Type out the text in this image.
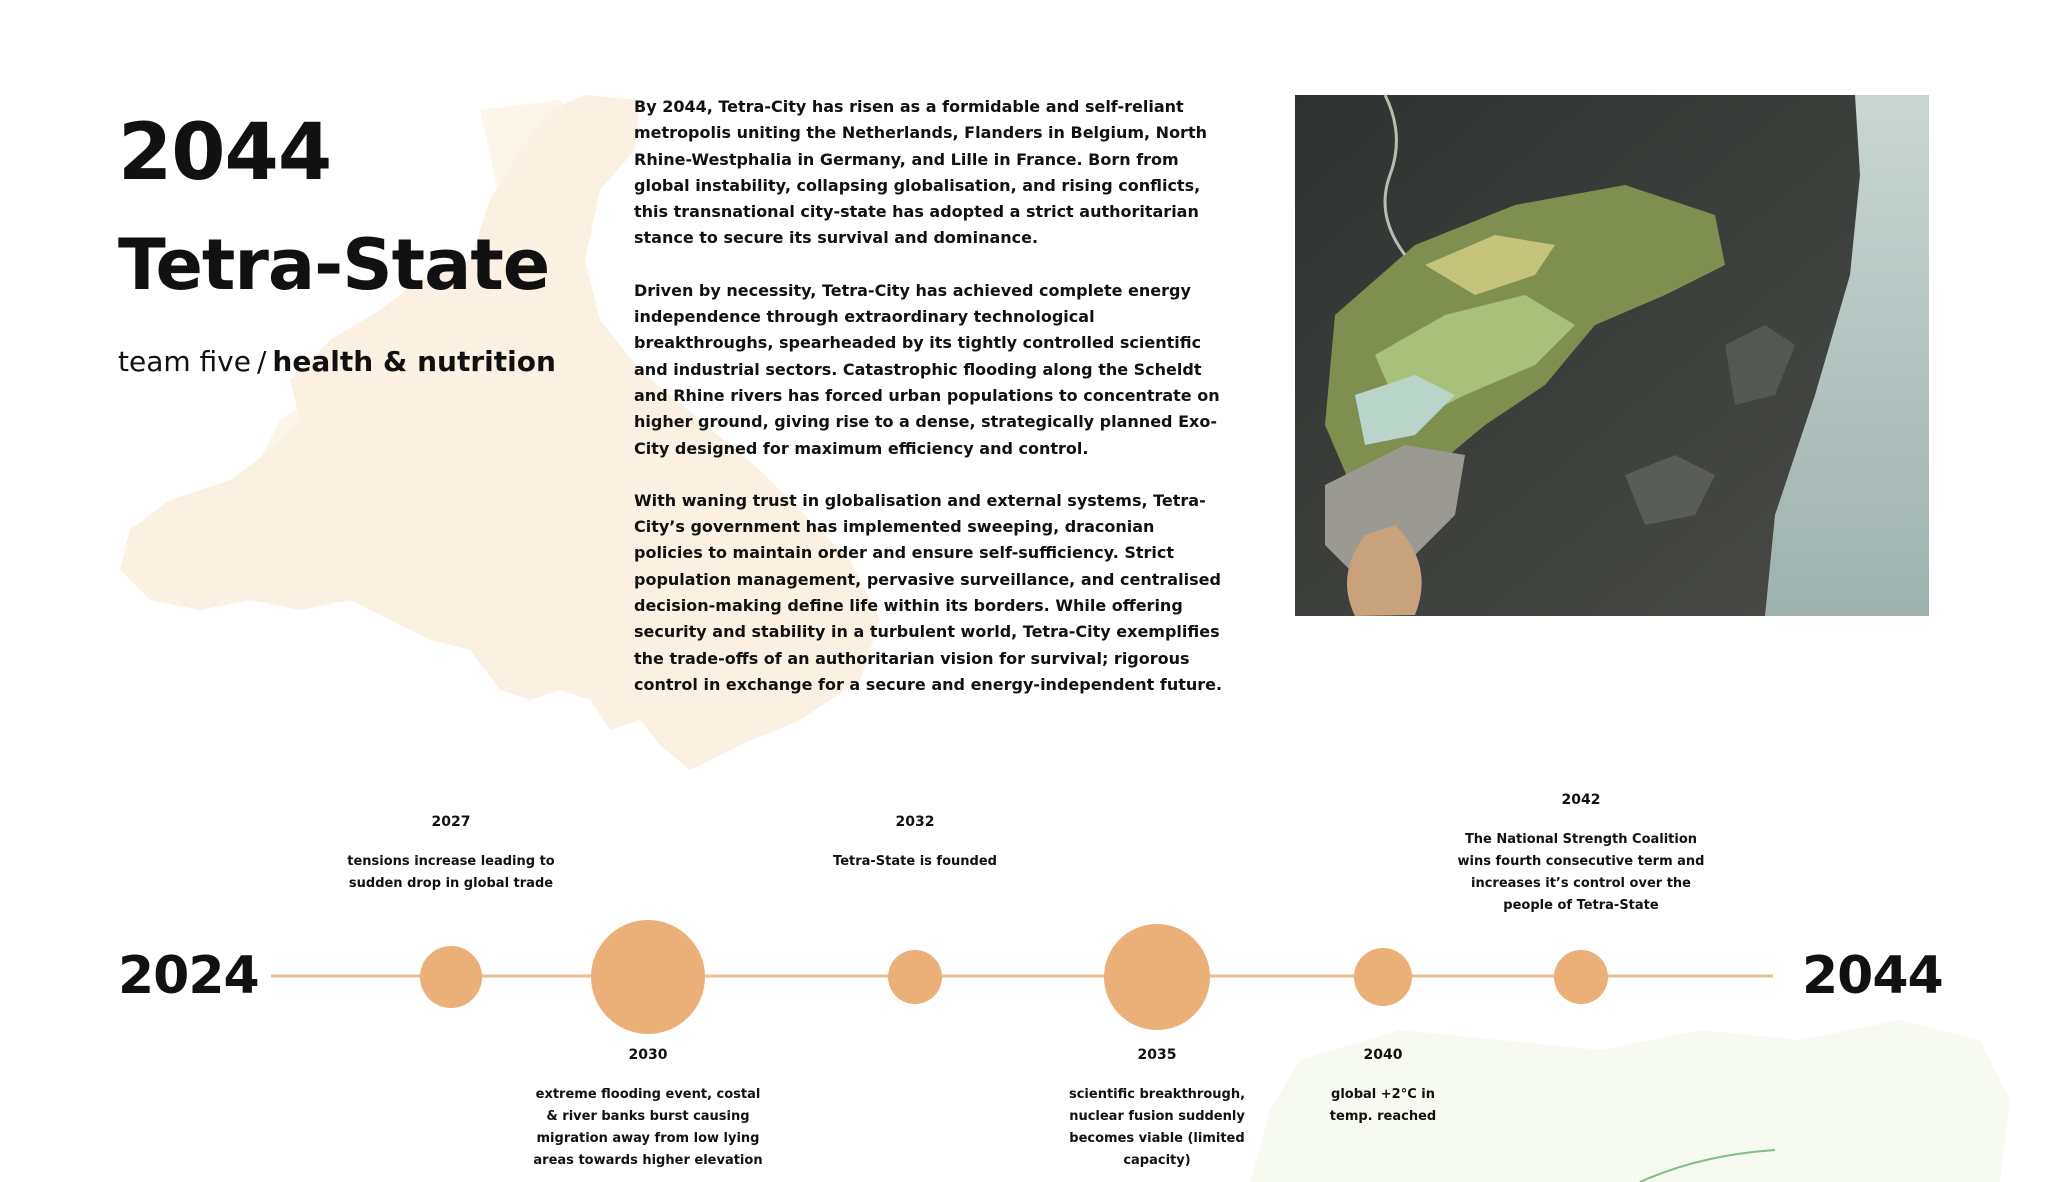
2044
Tetra-State
team five / health & nutrition

By 2044, Tetra-City has risen as a formidable and self-reliant metropolis uniting the Netherlands, Flanders in Belgium, North Rhine-Westphalia in Germany, and Lille in France. Born from global instability, collapsing globalisation, and rising conflicts, this transnational city-state has adopted a strict authoritarian stance to secure its survival and dominance.

Driven by necessity, Tetra-City has achieved complete energy independence through extraordinary technological breakthroughs, spearheaded by its tightly controlled scientific and industrial sectors. Catastrophic flooding along the Scheldt and Rhine rivers has forced urban populations to concentrate on higher ground, giving rise to a dense, strategically planned Exo-City designed for maximum efficiency and control.

With waning trust in globalisation and external systems, Tetra-City’s government has implemented sweeping, draconian policies to maintain order and ensure self-sufficiency. Strict population management, pervasive surveillance, and centralised decision-making define life within its borders. While offering security and stability in a turbulent world, Tetra-City exemplifies the trade-offs of an authoritarian vision for survival; rigorous control in exchange for a secure and energy-independent future.

2024	2044
2027
tensions increase leading to sudden drop in global trade
2032
Tetra-State is founded
2042
The National Strength Coalition wins fourth consecutive term and increases it’s control over the people of Tetra-State
2030
extreme flooding event, costal & river banks burst causing migration away from low lying areas towards higher elevation
2035
scientific breakthrough, nuclear fusion suddenly becomes viable (limited capacity)
2040
global +2°C in temp. reached
